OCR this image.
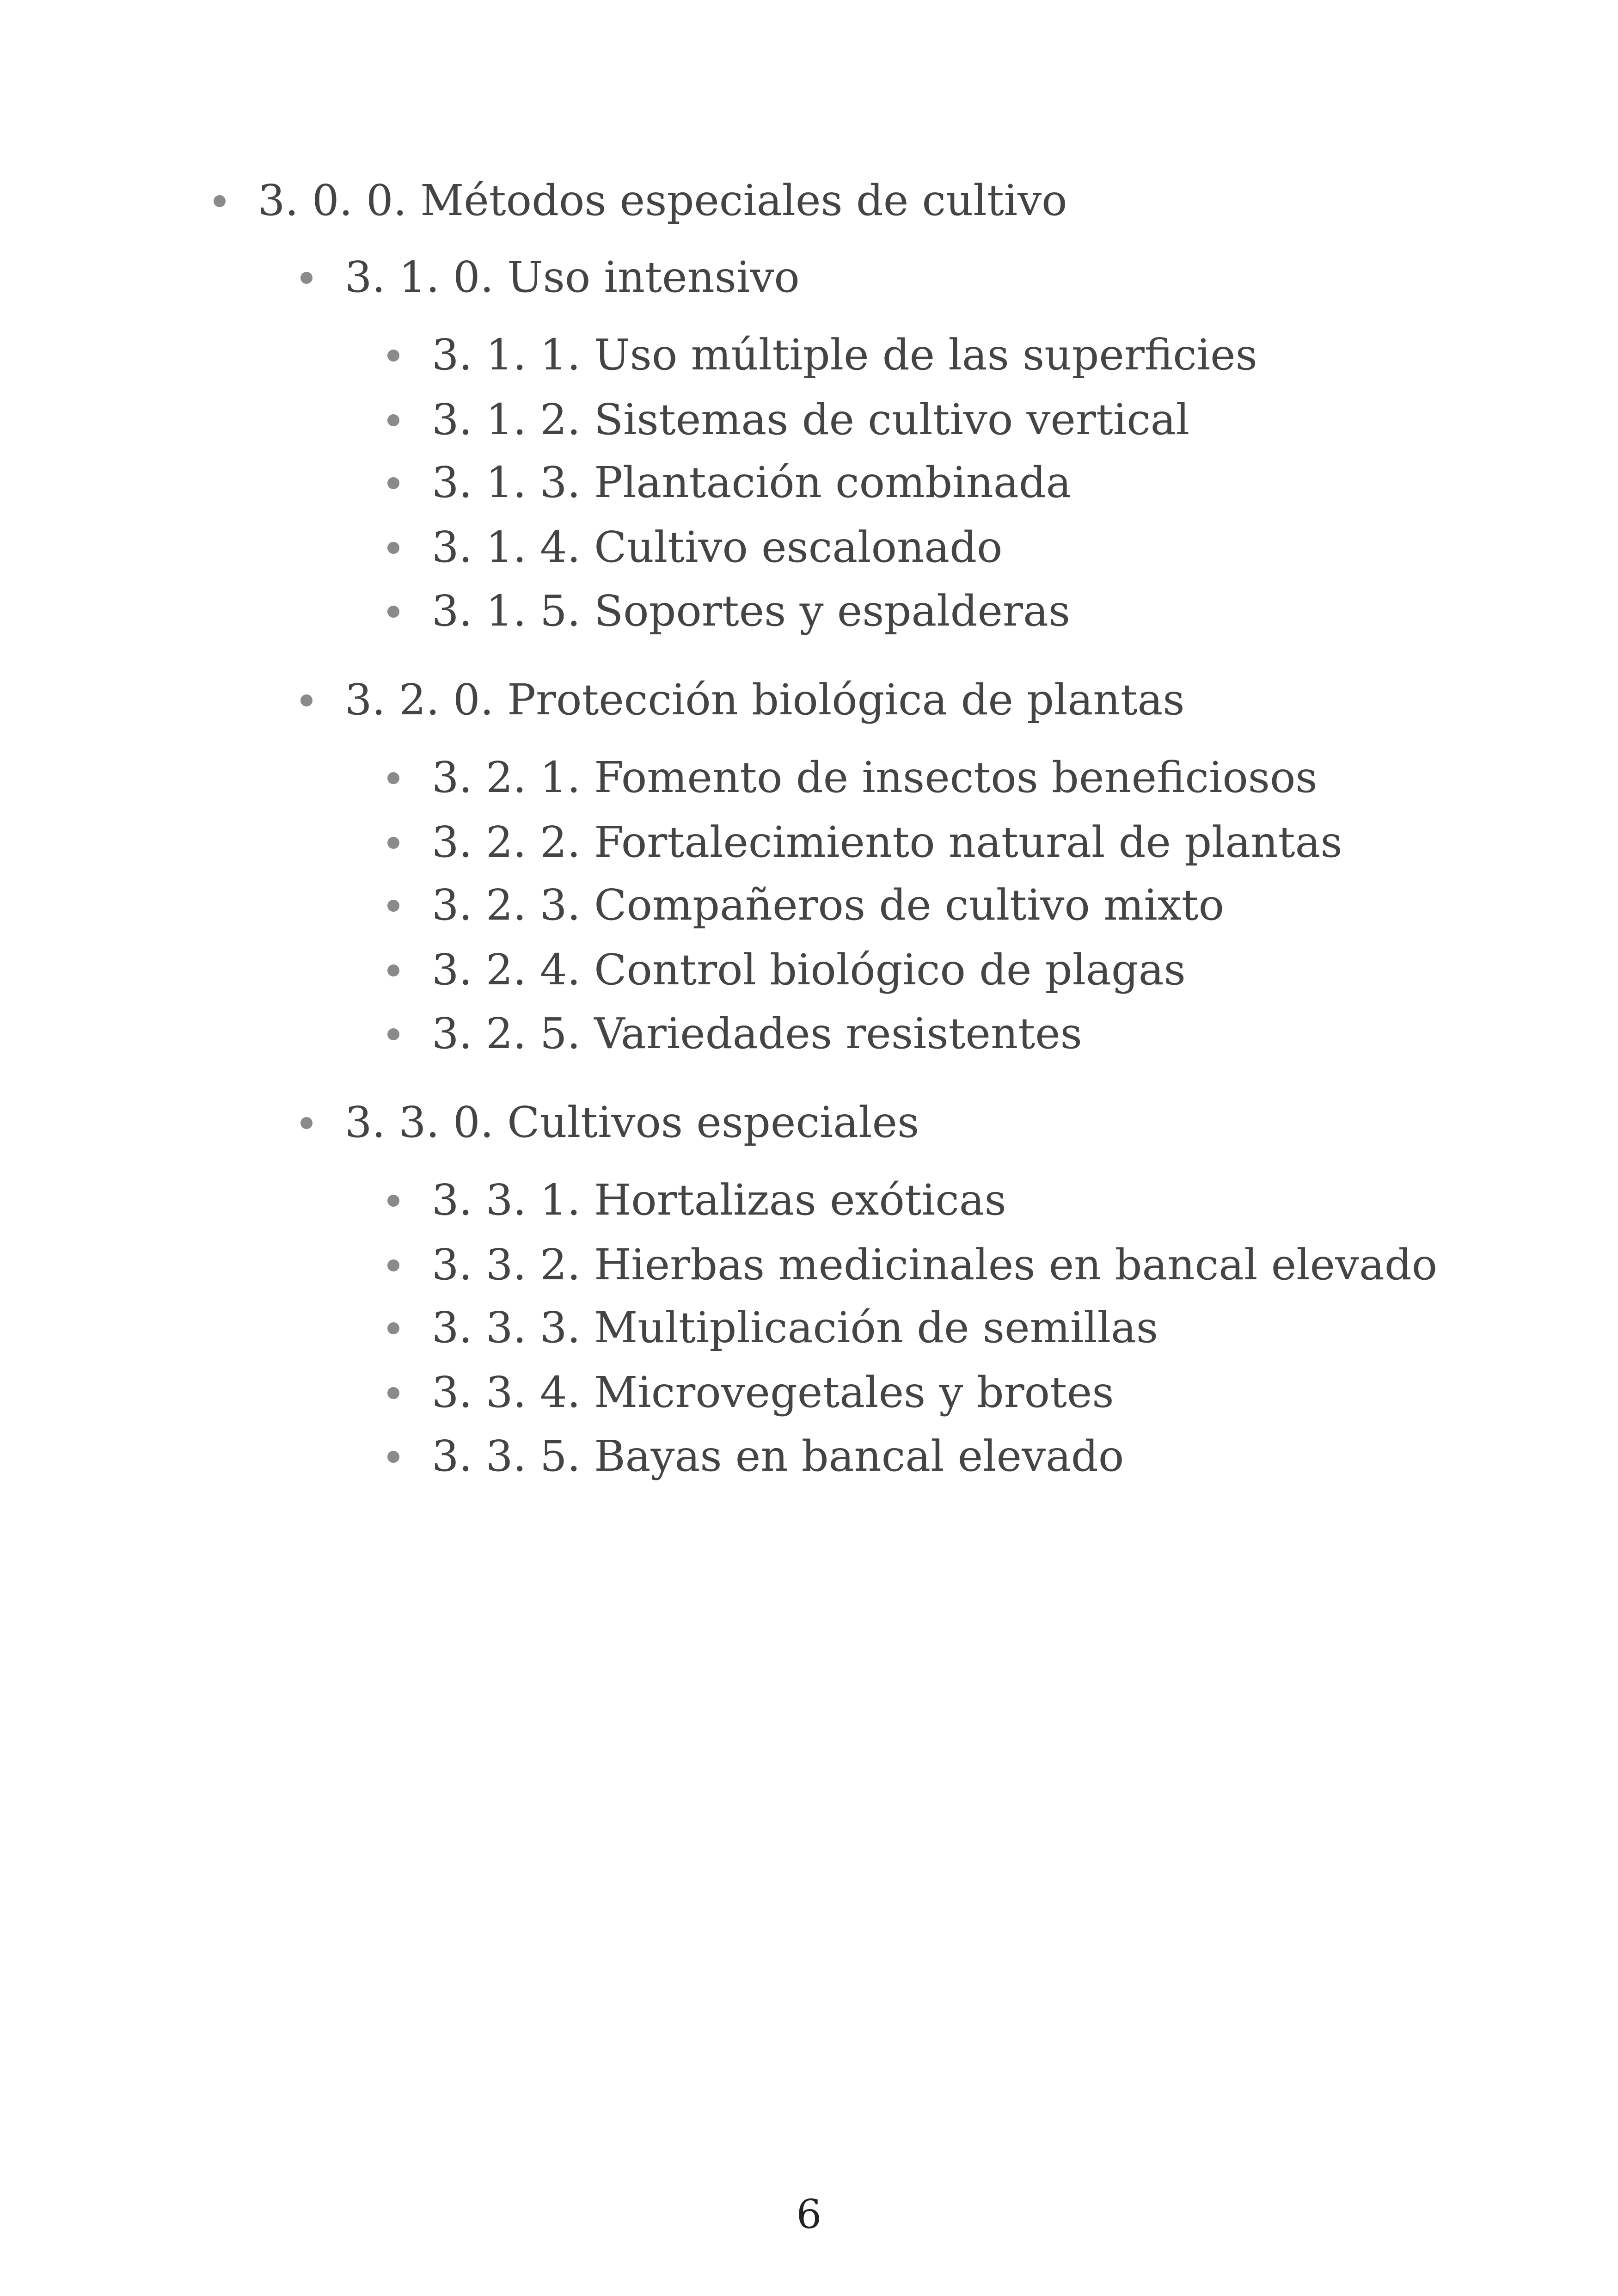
3. 0. 0. Métodos especiales de cultivo
3. 1. 0. Uso intensivo
3. 1. 1. Uso múltiple de las superficies
3. 1. 2. Sistemas de cultivo vertical
3. 1. 3. Plantación combinada
3. 1. 4. Cultivo escalonado
3. 1. 5. Soportes y espalderas
3. 2. 0. Protección biológica de plantas
3. 2. 1. Fomento de insectos beneficiosos
3. 2. 2. Fortalecimiento natural de plantas
3. 2. 3. Compañeros de cultivo mixto
3. 2. 4. Control biológico de plagas
3. 2. 5. Variedades resistentes
3. 3. 0. Cultivos especiales
3. 3. 1. Hortalizas exóticas
3. 3. 2. Hierbas medicinales en bancal elevado
3. 3. 3. Multiplicación de semillas
3. 3. 4. Microvegetales y brotes
3. 3. 5. Bayas en bancal elevado
6
